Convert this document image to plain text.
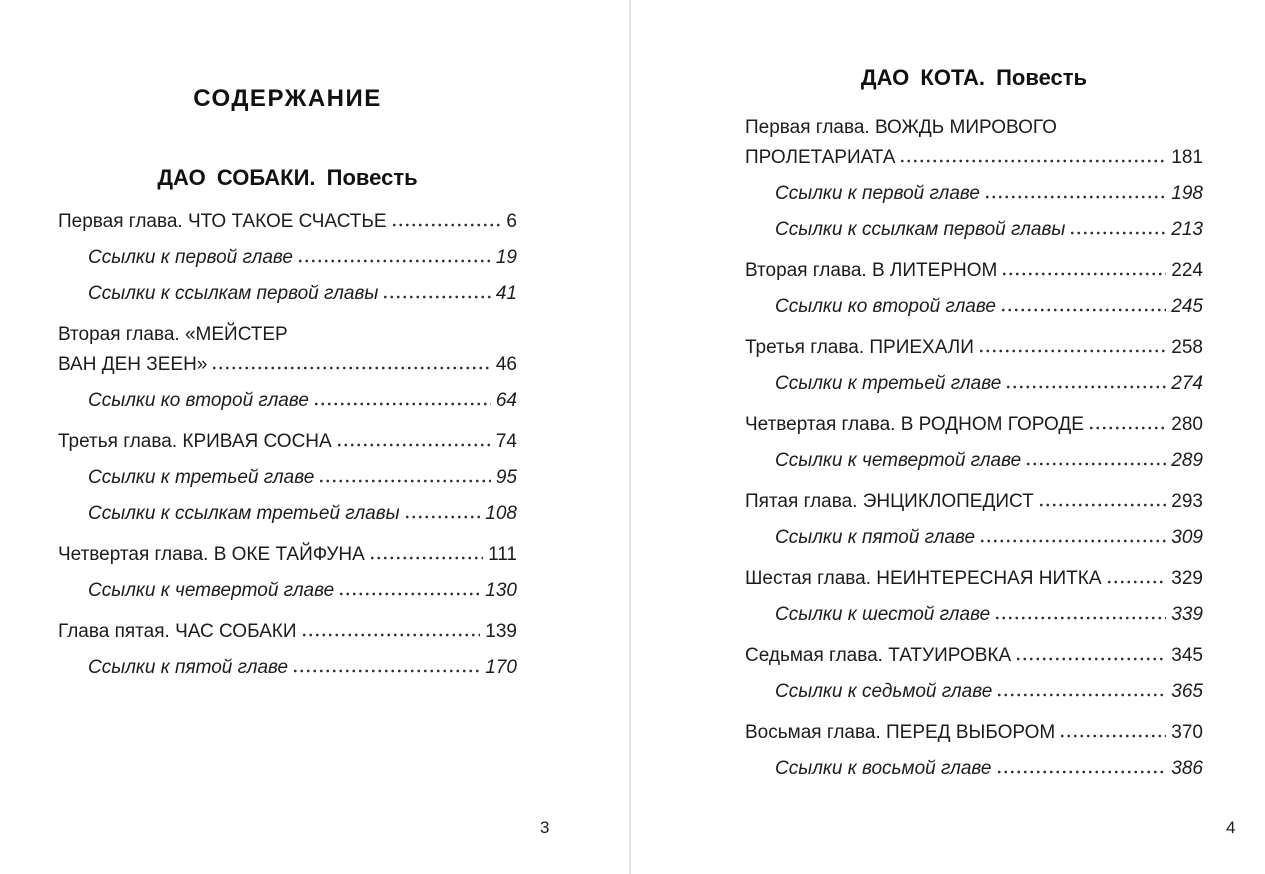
СОДЕРЖАНИЕ
ДАО СОБАКИ. Повесть
Первая глава. ЧТО ТАКОЕ СЧАСТЬЕ	6
Ссылки к первой главе	19
Ссылки к ссылкам первой главы	41
Вторая глава. «МЕЙСТЕР
ВАН ДЕН ЗЕЕН»	46
Ссылки ко второй главе	64
Третья глава. КРИВАЯ СОСНА	74
Ссылки к третьей главе	95
Ссылки к ссылкам третьей главы	108
Четвертая глава. В ОКЕ ТАЙФУНА	111
Ссылки к четвертой главе	130
Глава пятая. ЧАС СОБАКИ	139
Ссылки к пятой главе	170
ДАО КОТА. Повесть
Первая глава. ВОЖДЬ МИРОВОГО
ПРОЛЕТАРИАТА	181
Ссылки к первой главе	198
Ссылки к ссылкам первой главы	213
Вторая глава. В ЛИТЕРНОМ	224
Ссылки ко второй главе	245
Третья глава. ПРИЕХАЛИ	258
Ссылки к третьей главе	274
Четвертая глава. В РОДНОМ ГОРОДЕ	280
Ссылки к четвертой главе	289
Пятая глава. ЭНЦИКЛОПЕДИСТ	293
Ссылки к пятой главе	309
Шестая глава. НЕИНТЕРЕСНАЯ НИТКА	329
Ссылки к шестой главе	339
Седьмая глава. ТАТУИРОВКА	345
Ссылки к седьмой главе	365
Восьмая глава. ПЕРЕД ВЫБОРОМ	370
Ссылки к восьмой главе	386
3	4
